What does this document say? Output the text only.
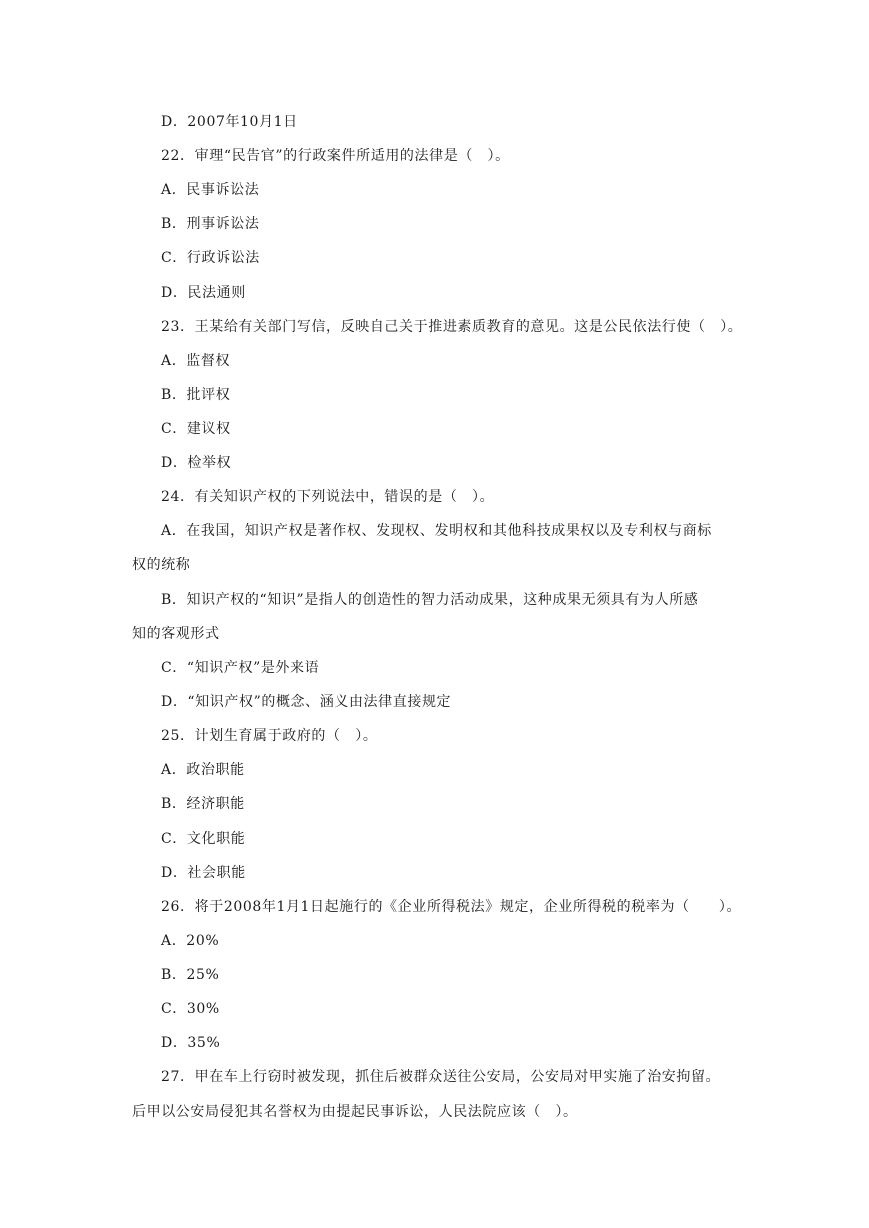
D．2007年10月1日
22．审理“民告官”的行政案件所适用的法律是（　）。
A．民事诉讼法
B．刑事诉讼法
C．行政诉讼法
D．民法通则
23．王某给有关部门写信，反映自己关于推进素质教育的意见。这是公民依法行使（　）。
A．监督权
B．批评权
C．建议权
D．检举权
24．有关知识产权的下列说法中，错误的是（　）。
A．在我国，知识产权是著作权、发现权、发明权和其他科技成果权以及专利权与商标
权的统称
B．知识产权的“知识”是指人的创造性的智力活动成果，这种成果无须具有为人所感
知的客观形式
C．“知识产权”是外来语
D．“知识产权”的概念、涵义由法律直接规定
25．计划生育属于政府的（　）。
A．政治职能
B．经济职能
C．文化职能
D．社会职能
26．将于2008年1月1日起施行的《企业所得税法》规定，企业所得税的税率为（　　）。
A．20%
B．25%
C．30%
D．35%
27．甲在车上行窃时被发现，抓住后被群众送往公安局，公安局对甲实施了治安拘留。
后甲以公安局侵犯其名誉权为由提起民事诉讼，人民法院应该（　）。
